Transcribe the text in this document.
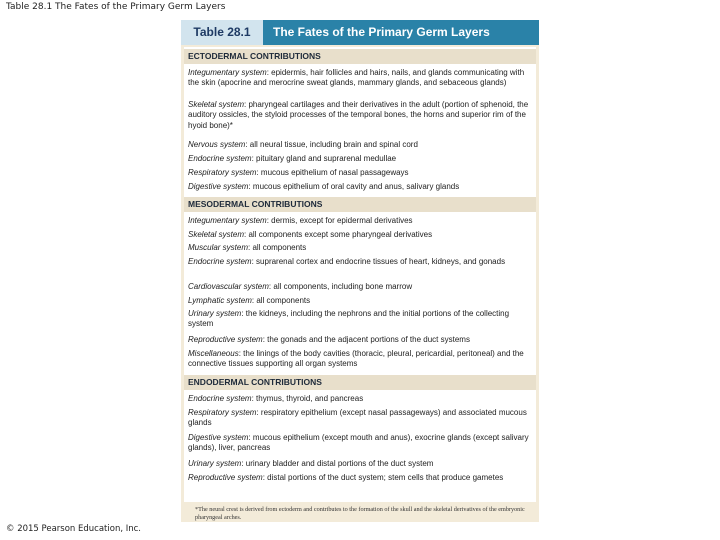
Table 28.1 The Fates of the Primary Germ Layers
Table 28.1	The Fates of the Primary Germ Layers
ECTODERMAL CONTRIBUTIONS
Integumentary system: epidermis, hair follicles and hairs, nails, and glands communicating with the skin (apocrine and merocrine sweat glands, mammary glands, and sebaceous glands)
Skeletal system: pharyngeal cartilages and their derivatives in the adult (portion of sphenoid, the auditory ossicles, the styloid processes of the temporal bones, the horns and superior rim of the hyoid bone)*
Nervous system: all neural tissue, including brain and spinal cord
Endocrine system: pituitary gland and suprarenal medullae
Respiratory system: mucous epithelium of nasal passageways
Digestive system: mucous epithelium of oral cavity and anus, salivary glands
MESODERMAL CONTRIBUTIONS
Integumentary system: dermis, except for epidermal derivatives
Skeletal system: all components except some pharyngeal derivatives
Muscular system: all components
Endocrine system: suprarenal cortex and endocrine tissues of heart, kidneys, and gonads
Cardiovascular system: all components, including bone marrow
Lymphatic system: all components
Urinary system: the kidneys, including the nephrons and the initial portions of the collecting system
Reproductive system: the gonads and the adjacent portions of the duct systems
Miscellaneous: the linings of the body cavities (thoracic, pleural, pericardial, peritoneal) and the connective tissues supporting all organ systems
ENDODERMAL CONTRIBUTIONS
Endocrine system: thymus, thyroid, and pancreas
Respiratory system: respiratory epithelium (except nasal passageways) and associated mucous glands
Digestive system: mucous epithelium (except mouth and anus), exocrine glands (except salivary glands), liver, pancreas
Urinary system: urinary bladder and distal portions of the duct system
Reproductive system: distal portions of the duct system; stem cells that produce gametes
*The neural crest is derived from ectoderm and contributes to the formation of the skull and the skeletal derivatives of the embryonic pharyngeal arches.
© 2015 Pearson Education, Inc.
